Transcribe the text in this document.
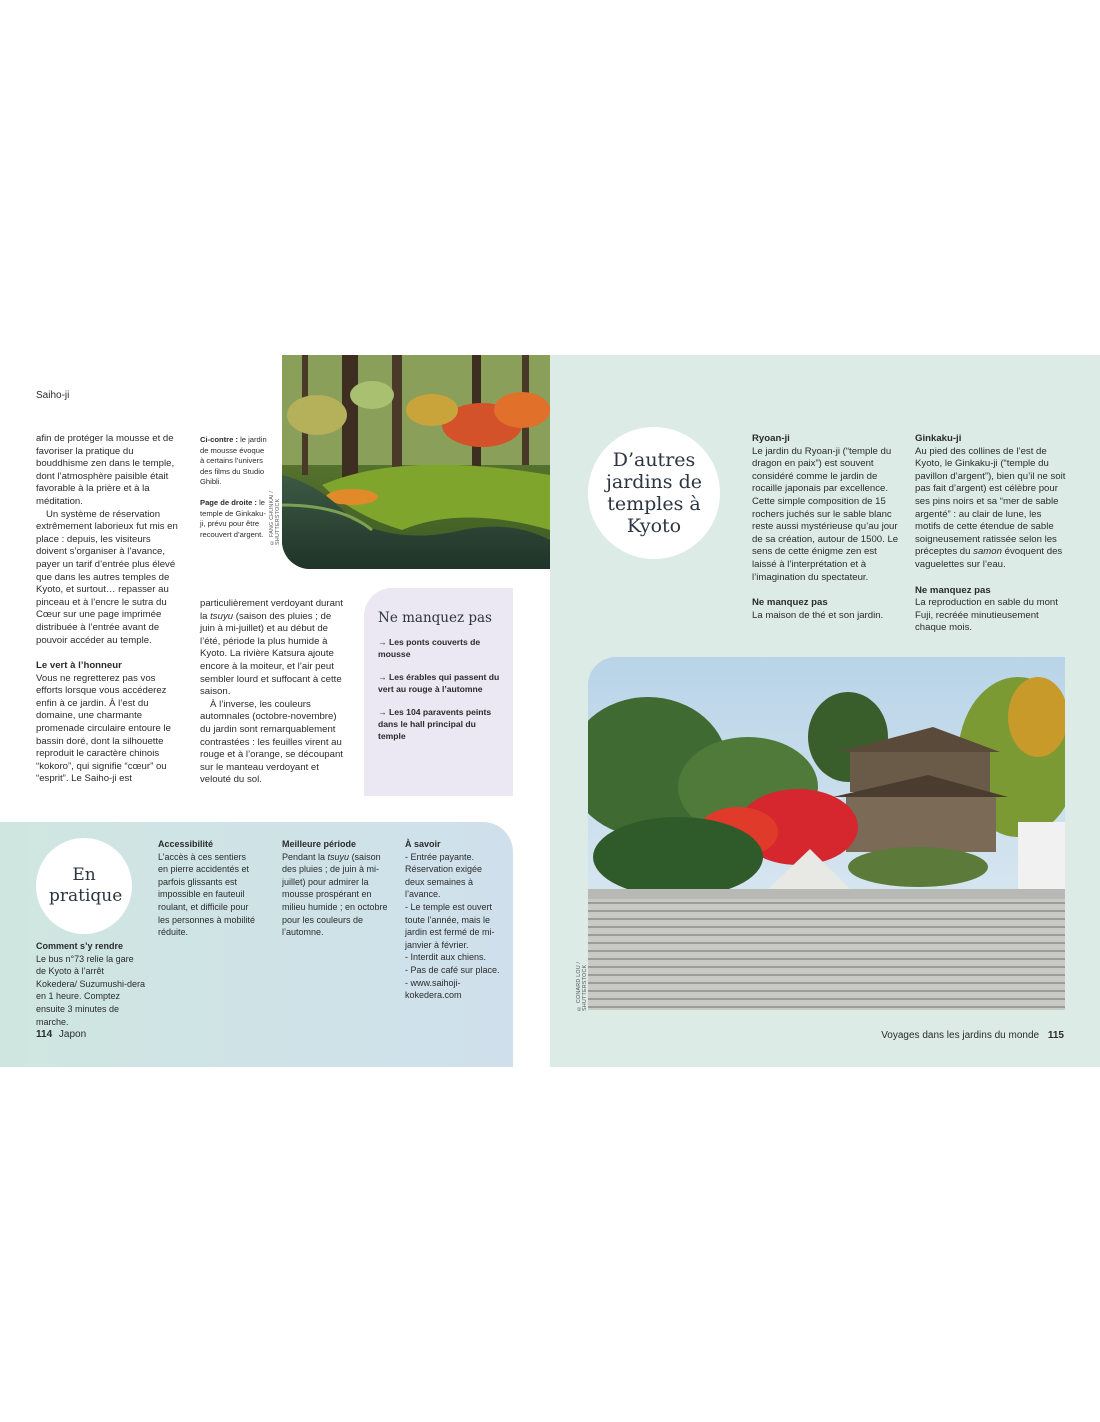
Saiho-ji
© FANG CHUNKAI / SHUTTERSTOCK

Ci-contre : le jardin de mousse évoque à certains l’univers des films du Studio Ghibli.

Page de droite : le temple de Ginkaku-ji, prévu pour être recouvert d’argent.

afin de protéger la mousse et de favoriser la pratique du bouddhisme zen dans le temple, dont l’atmosphère paisible était favorable à la prière et à la méditation.

Un système de réservation extrêmement laborieux fut mis en place : depuis, les visiteurs doivent s’organiser à l’avance, payer un tarif d’entrée plus élevé que dans les autres temples de Kyoto, et surtout… repasser au pinceau et à l’encre le sutra du Cœur sur une page imprimée distribuée à l’entrée avant de pouvoir accéder au temple.

Le vert à l’honneur

Vous ne regretterez pas vos efforts lorsque vous accéderez enfin à ce jardin. À l’est du domaine, une charmante promenade circulaire entoure le bassin doré, dont la silhouette reproduit le caractère chinois “kokoro”, qui signifie “cœur” ou “esprit”. Le Saiho-ji est

particulièrement verdoyant durant la tsuyu (saison des pluies ; de juin à mi-juillet) et au début de l’été, période la plus humide à Kyoto. La rivière Katsura ajoute encore à la moiteur, et l’air peut sembler lourd et suffocant à cette saison.

À l’inverse, les couleurs automnales (octobre-novembre) du jardin sont remarquablement contrastées : les feuilles virent au rouge et à l’orange, se découpant sur le manteau verdoyant et velouté du sol.

Ne manquez pas
→ Les ponts couverts de mousse
→ Les érables qui passent du vert au rouge à l’automne
→ Les 104 paravents peints dans le hall principal du temple
En pratique

Comment s’y rendre

Le bus n°73 relie la gare de Kyoto à l’arrêt Kokedera/ Suzumushi-dera en 1 heure. Comptez ensuite 3 minutes de marche.

Accessibilité

L’accès à ces sentiers en pierre accidentés et parfois glissants est impossible en fauteuil roulant, et difficile pour les personnes à mobilité réduite.

Meilleure période

Pendant la tsuyu (saison des pluies ; de juin à mi-juillet) pour admirer la mousse prospérant en milieu humide ; en octobre pour les couleurs de l’automne.

À savoir

- Entrée payante. Réservation exigée deux semaines à l’avance.

- Le temple est ouvert toute l’année, mais le jardin est fermé de mi-janvier à février.

- Interdit aux chiens.

- Pas de café sur place.

- www.saihoji-kokedera.com

114 Japon
D’autres jardins de temples à Kyoto

Ryoan-ji

Le jardin du Ryoan-ji (“temple du dragon en paix”) est souvent considéré comme le jardin de rocaille japonais par excellence. Cette simple composition de 15 rochers juchés sur le sable blanc reste aussi mystérieuse qu’au jour de sa création, autour de 1500. Le sens de cette énigme zen est laissé à l’interprétation et à l’imagination du spectateur.

Ne manquez pas

La maison de thé et son jardin.

Ginkaku-ji

Au pied des collines de l’est de Kyoto, le Ginkaku-ji (“temple du pavillon d’argent”), bien qu’il ne soit pas fait d’argent) est célèbre pour ses pins noirs et sa “mer de sable argenté” : au clair de lune, les motifs de cette étendue de sable soigneusement ratissée selon les préceptes du samon évoquent des vaguelettes sur l’eau.

Ne manquez pas

La reproduction en sable du mont Fuji, recréée minutieusement chaque mois.

© CONARD LOU / SHUTTERSTOCK
Voyages dans les jardins du monde 115
